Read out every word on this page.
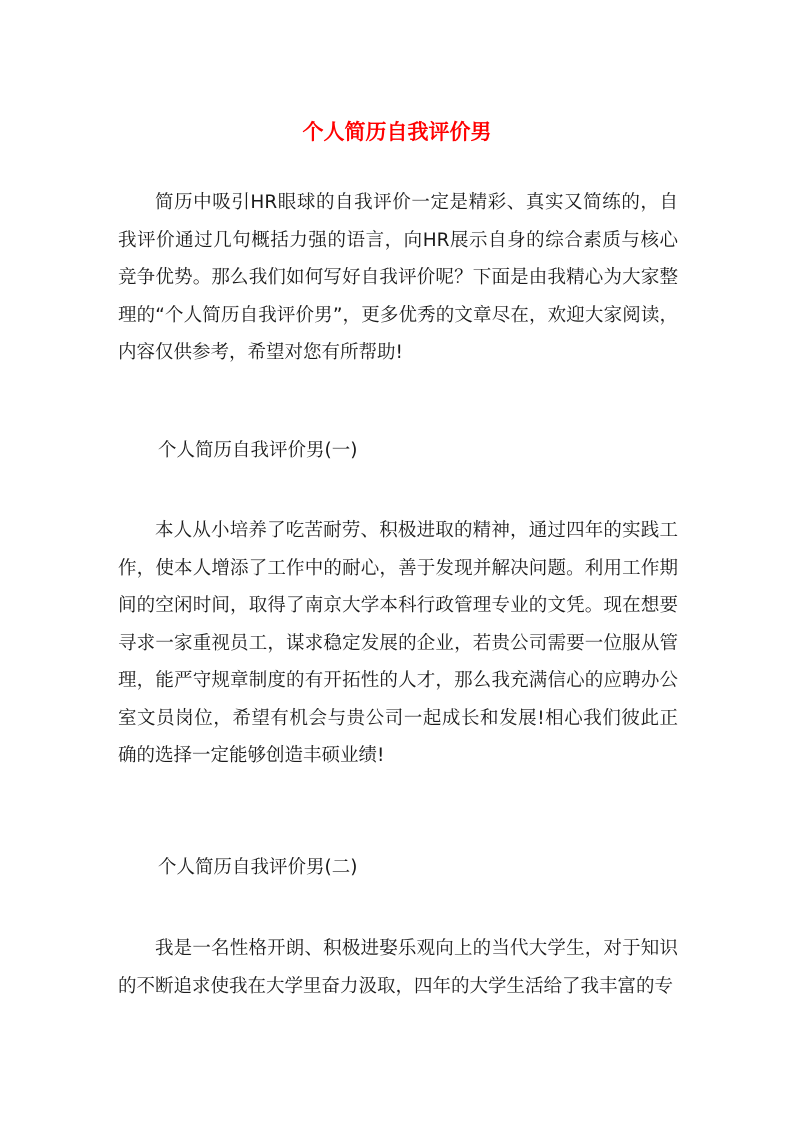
个人简历自我评价男

简历中吸引HR眼球的自我评价一定是精彩、真实又简练的，自我评价通过几句概括力强的语言，向HR展示自身的综合素质与核心竞争优势。那么我们如何写好自我评价呢？下面是由我精心为大家整理的“个人简历自我评价男”，更多优秀的文章尽在，欢迎大家阅读，内容仅供参考，希望对您有所帮助!

个人简历自我评价男(一)

本人从小培养了吃苦耐劳、积极进取的精神，通过四年的实践工作，使本人增添了工作中的耐心，善于发现并解决问题。利用工作期间的空闲时间，取得了南京大学本科行政管理专业的文凭。现在想要寻求一家重视员工，谋求稳定发展的企业，若贵公司需要一位服从管理，能严守规章制度的有开拓性的人才，那么我充满信心的应聘办公室文员岗位，希望有机会与贵公司一起成长和发展!相心我们彼此正确的选择一定能够创造丰硕业绩!

个人简历自我评价男(二)

我是一名性格开朗、积极进娶乐观向上的当代大学生，对于知识的不断追求使我在大学里奋力汲取，四年的大学生活给了我丰富的专
